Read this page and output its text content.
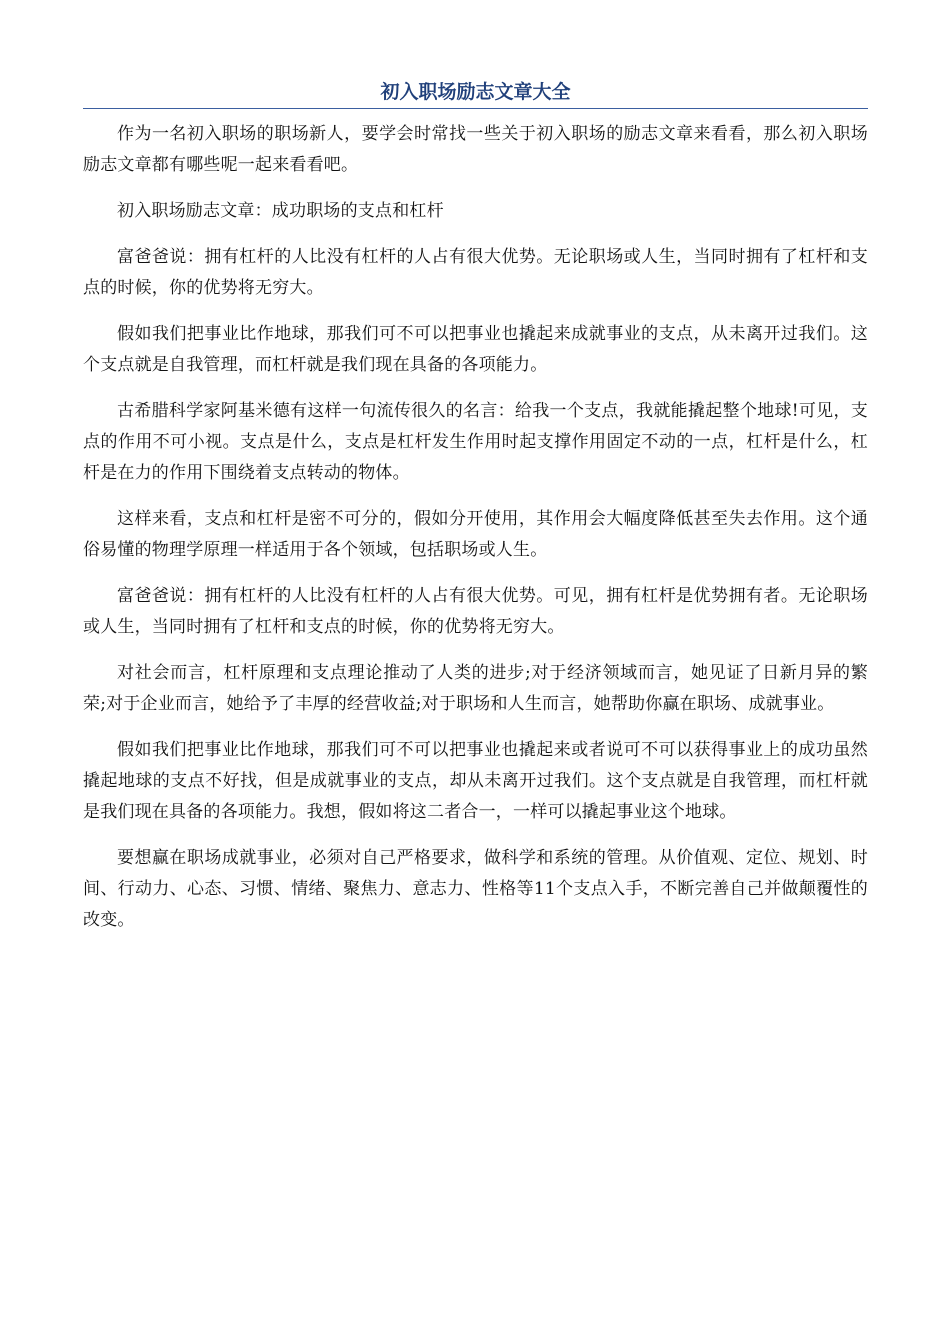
初入职场励志文章大全

作为一名初入职场的职场新人，要学会时常找一些关于初入职场的励志文章来看看，那么初入职场励志文章都有哪些呢一起来看看吧。

初入职场励志文章：成功职场的支点和杠杆

富爸爸说：拥有杠杆的人比没有杠杆的人占有很大优势。无论职场或人生，当同时拥有了杠杆和支点的时候，你的优势将无穷大。

假如我们把事业比作地球，那我们可不可以把事业也撬起来成就事业的支点，从未离开过我们。这个支点就是自我管理，而杠杆就是我们现在具备的各项能力。

古希腊科学家阿基米德有这样一句流传很久的名言：给我一个支点，我就能撬起整个地球!可见，支点的作用不可小视。支点是什么，支点是杠杆发生作用时起支撑作用固定不动的一点，杠杆是什么，杠杆是在力的作用下围绕着支点转动的物体。

这样来看，支点和杠杆是密不可分的，假如分开使用，其作用会大幅度降低甚至失去作用。这个通俗易懂的物理学原理一样适用于各个领域，包括职场或人生。

富爸爸说：拥有杠杆的人比没有杠杆的人占有很大优势。可见，拥有杠杆是优势拥有者。无论职场或人生，当同时拥有了杠杆和支点的时候，你的优势将无穷大。

对社会而言，杠杆原理和支点理论推动了人类的进步;对于经济领域而言，她见证了日新月异的繁荣;对于企业而言，她给予了丰厚的经营收益;对于职场和人生而言，她帮助你赢在职场、成就事业。

假如我们把事业比作地球，那我们可不可以把事业也撬起来或者说可不可以获得事业上的成功虽然撬起地球的支点不好找，但是成就事业的支点，却从未离开过我们。这个支点就是自我管理，而杠杆就是我们现在具备的各项能力。我想，假如将这二者合一，一样可以撬起事业这个地球。

要想赢在职场成就事业，必须对自己严格要求，做科学和系统的管理。从价值观、定位、规划、时间、行动力、心态、习惯、情绪、聚焦力、意志力、性格等11个支点入手，不断完善自己并做颠覆性的改变。
